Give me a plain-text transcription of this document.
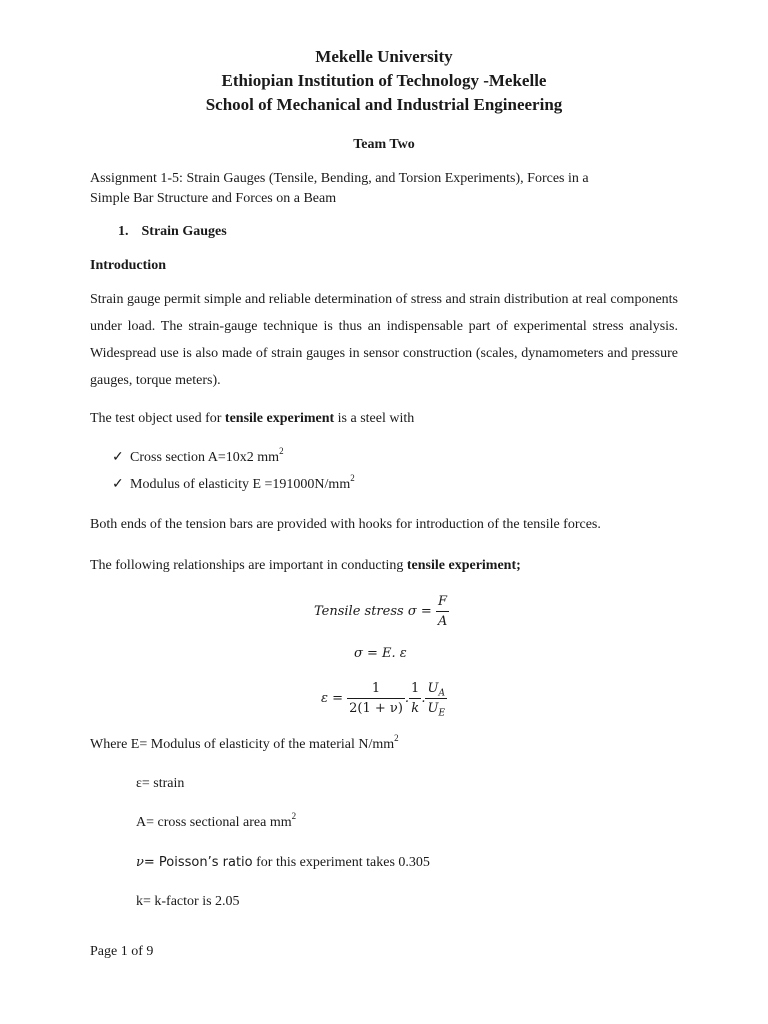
Mekelle University
Ethiopian Institution of Technology -Mekelle
School of Mechanical and Industrial Engineering
Team Two
Assignment 1-5: Strain Gauges (Tensile, Bending, and Torsion Experiments), Forces in a
Simple Bar Structure and Forces on a Beam
1. Strain Gauges
Introduction
Strain gauge permit simple and reliable determination of stress and strain distribution at real components under load. The strain-gauge technique is thus an indispensable part of experimental stress analysis. Widespread use is also made of strain gauges in sensor construction (scales, dynamometers and pressure gauges, torque meters).
The test object used for tensile experiment is a steel with
✓ Cross section A=10x2 $mm^2$
✓ Modulus of elasticity $E =191000N/mm^2$
Both ends of the tension bars are provided with hooks for introduction of the tensile forces.
The following relationships are important in conducting tensile experiment;
Tensile stress $\sigma = \frac{F}{A}$
σ = E. ε
$\varepsilon = \frac{1}{2(1 + \nu)}$ . $\frac{1}{k}$ . $\frac{U_A}{U_E}$
Where E= Modulus of elasticity of the material $N/mm^2$
ε= strain
A= cross sectional area $mm^2$
ν= Poisson’s ratio for this experiment takes 0.305
k= k-factor is 2.05
Page 1 of 9
